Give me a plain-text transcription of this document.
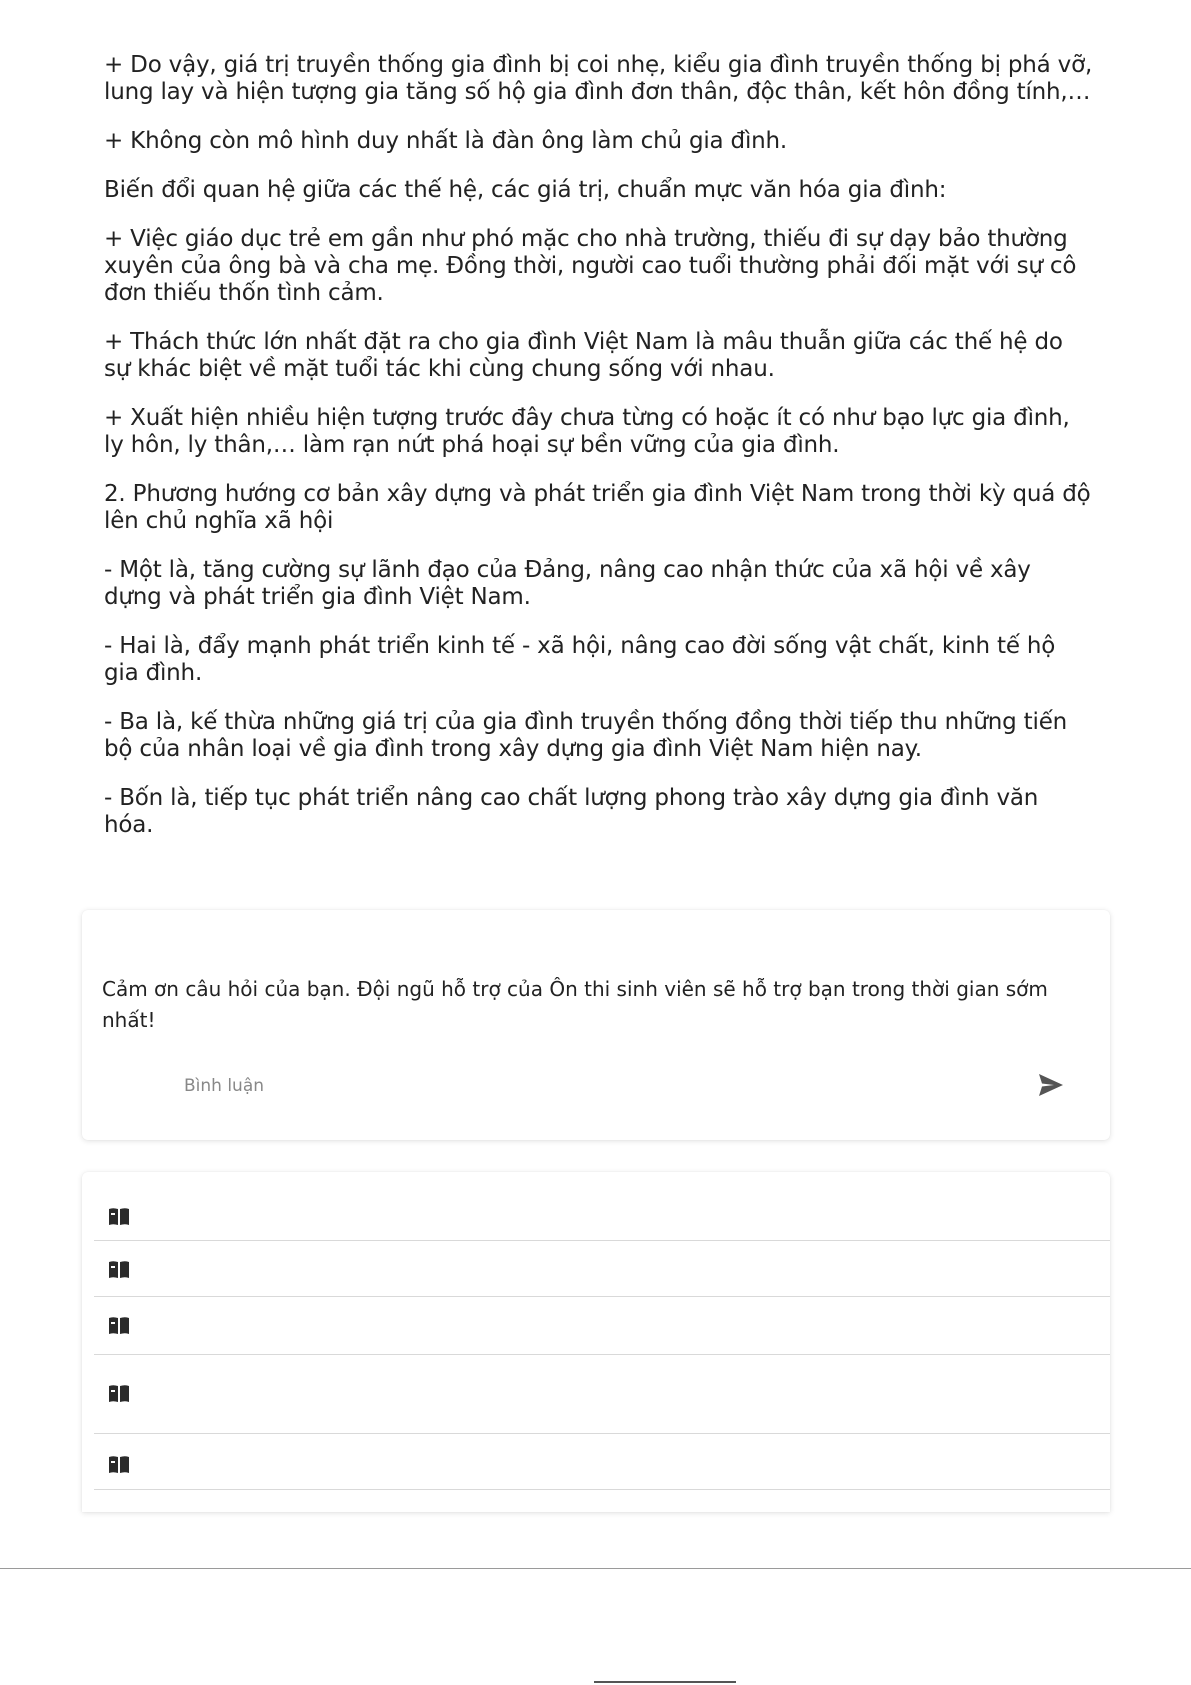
+ Do vậy, giá trị truyền thống gia đình bị coi nhẹ, kiểu gia đình truyền thống bị phá vỡ, lung lay và hiện tượng gia tăng số hộ gia đình đơn thân, độc thân, kết hôn đồng tính,…

+ Không còn mô hình duy nhất là đàn ông làm chủ gia đình.

Biến đổi quan hệ giữa các thế hệ, các giá trị, chuẩn mực văn hóa gia đình:

+ Việc giáo dục trẻ em gần như phó mặc cho nhà trường, thiếu đi sự dạy bảo thường xuyên của ông bà và cha mẹ. Đồng thời, người cao tuổi thường phải đối mặt với sự cô đơn thiếu thốn tình cảm.

+ Thách thức lớn nhất đặt ra cho gia đình Việt Nam là mâu thuẫn giữa các thế hệ do sự khác biệt về mặt tuổi tác khi cùng chung sống với nhau.

+ Xuất hiện nhiều hiện tượng trước đây chưa từng có hoặc ít có như bạo lực gia đình, ly hôn, ly thân,… làm rạn nứt phá hoại sự bền vững của gia đình.

2. Phương hướng cơ bản xây dựng và phát triển gia đình Việt Nam trong thời kỳ quá độ lên chủ nghĩa xã hội

- Một là, tăng cường sự lãnh đạo của Đảng, nâng cao nhận thức của xã hội về xây dựng và phát triển gia đình Việt Nam.

- Hai là, đẩy mạnh phát triển kinh tế - xã hội, nâng cao đời sống vật chất, kinh tế hộ gia đình.

- Ba là, kế thừa những giá trị của gia đình truyền thống đồng thời tiếp thu những tiến bộ của nhân loại về gia đình trong xây dựng gia đình Việt Nam hiện nay.

- Bốn là, tiếp tục phát triển nâng cao chất lượng phong trào xây dựng gia đình văn hóa.

Cảm ơn câu hỏi của bạn. Đội ngũ hỗ trợ của Ôn thi sinh viên sẽ hỗ trợ bạn trong thời gian sớm nhất!

Bình luận
